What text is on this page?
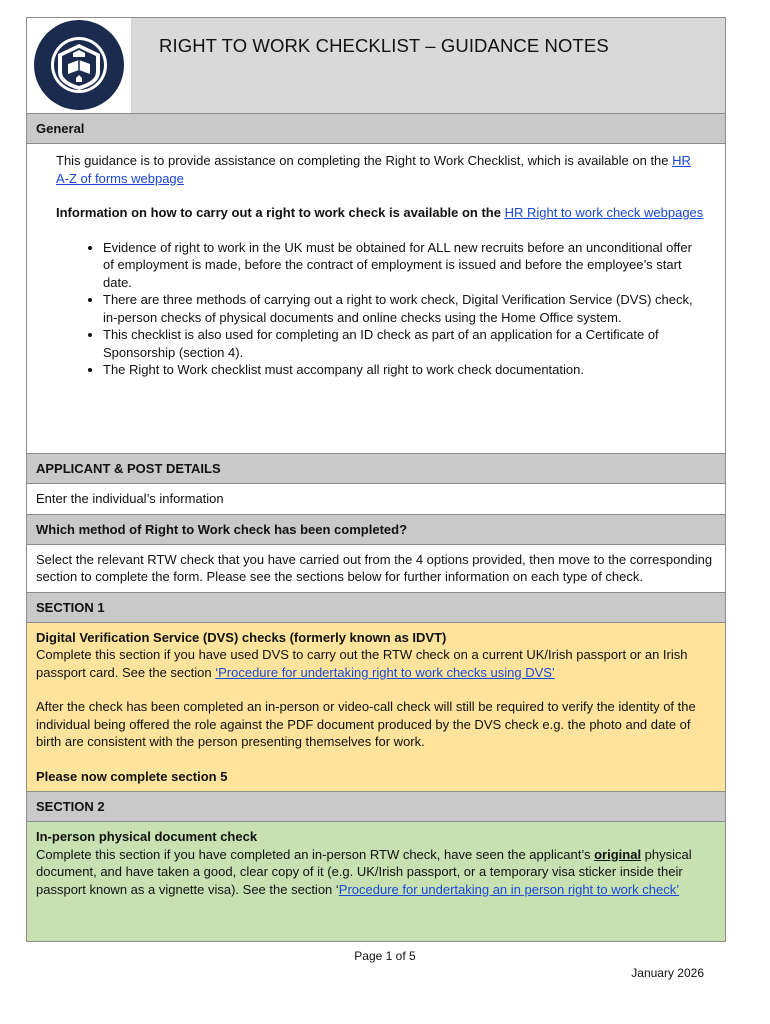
RIGHT TO WORK CHECKLIST – GUIDANCE NOTES
General

This guidance is to provide assistance on completing the Right to Work Checklist, which is available on the HR A-Z of forms webpage

Information on how to carry out a right to work check is available on the HR Right to work check webpages

• Evidence of right to work in the UK must be obtained for ALL new recruits before an unconditional offer of employment is made, before the contract of employment is issued and before the employee’s start date.
• There are three methods of carrying out a right to work check, Digital Verification Service (DVS) check, in-person checks of physical documents and online checks using the Home Office system.
• This checklist is also used for completing an ID check as part of an application for a Certificate of Sponsorship (section 4).
• The Right to Work checklist must accompany all right to work check documentation.
APPLICANT & POST DETAILS
Enter the individual’s information
Which method of Right to Work check has been completed?
Select the relevant RTW check that you have carried out from the 4 options provided, then move to the corresponding section to complete the form. Please see the sections below for further information on each type of check.
SECTION 1

Digital Verification Service (DVS) checks (formerly known as IDVT)
Complete this section if you have used DVS to carry out the RTW check on a current UK/Irish passport or an Irish passport card. See the section ‘Procedure for undertaking right to work checks using DVS’

After the check has been completed an in-person or video-call check will still be required to verify the identity of the individual being offered the role against the PDF document produced by the DVS check e.g. the photo and date of birth are consistent with the person presenting themselves for work.

Please now complete section 5

SECTION 2

In-person physical document check
Complete this section if you have completed an in-person RTW check, have seen the applicant’s original physical document, and have taken a good, clear copy of it (e.g. UK/Irish passport, or a temporary visa sticker inside their passport known as a vignette visa). See the section ‘Procedure for undertaking an in person right to work check’

Page 1 of 5
January 2026
